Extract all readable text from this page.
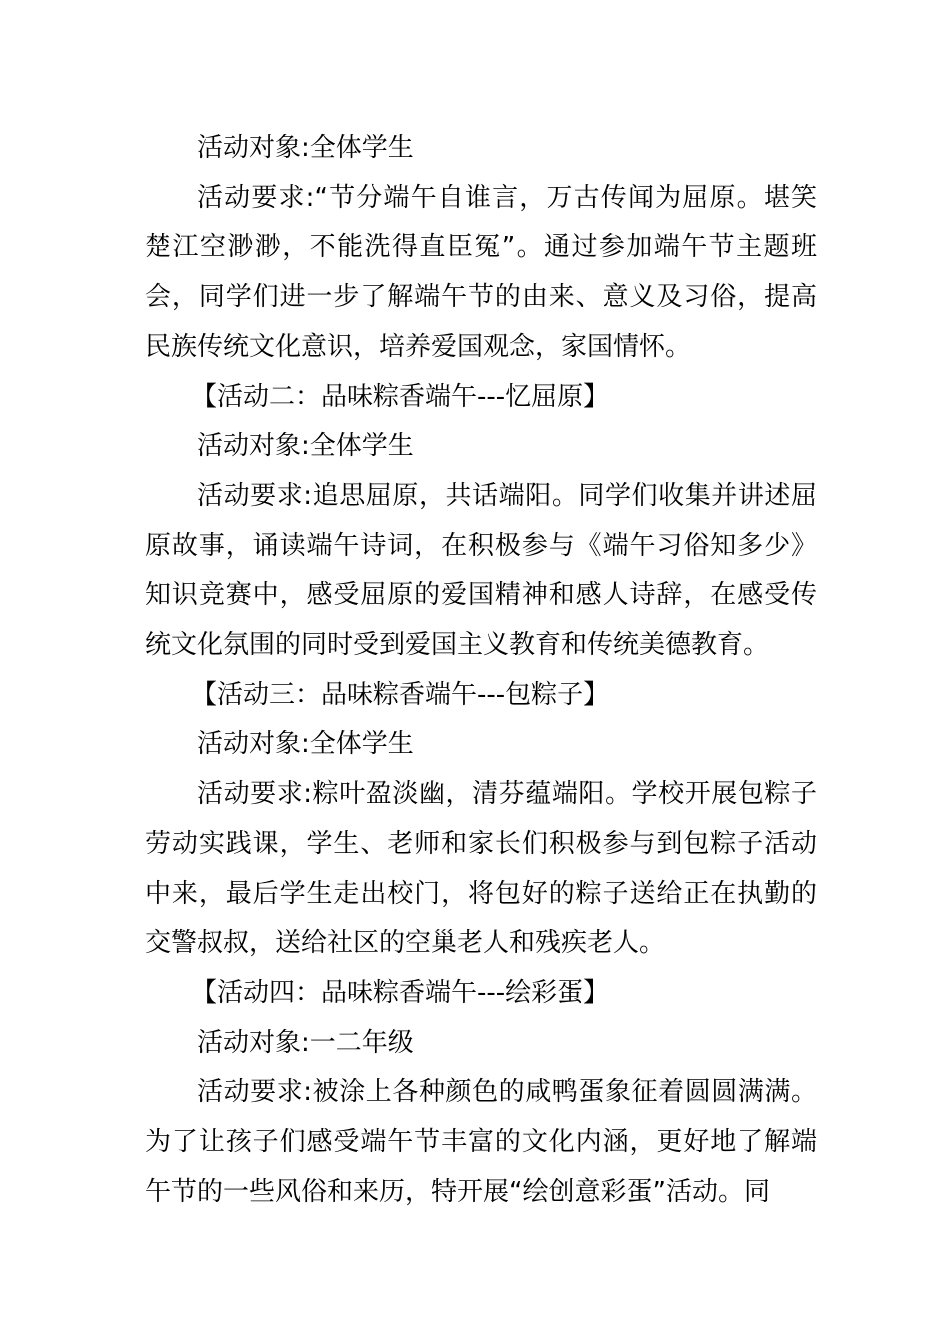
活动对象:全体学生

活动要求:“节分端午自谁言，万古传闻为屈原。堪笑楚江空渺渺，不能洗得直臣冤”。通过参加端午节主题班会，同学们进一步了解端午节的由来、意义及习俗，提高民族传统文化意识，培养爱国观念，家国情怀。

【活动二：品味粽香端午---忆屈原】

活动对象:全体学生

活动要求:追思屈原，共话端阳。同学们收集并讲述屈原故事，诵读端午诗词，在积极参与《端午习俗知多少》知识竞赛中，感受屈原的爱国精神和感人诗辞，在感受传统文化氛围的同时受到爱国主义教育和传统美德教育。

【活动三：品味粽香端午---包粽子】

活动对象:全体学生

活动要求:粽叶盈淡幽，清芬蕴端阳。学校开展包粽子劳动实践课，学生、老师和家长们积极参与到包粽子活动中来，最后学生走出校门，将包好的粽子送给正在执勤的交警叔叔，送给社区的空巢老人和残疾老人。

【活动四：品味粽香端午---绘彩蛋】

活动对象:一二年级

活动要求:被涂上各种颜色的咸鸭蛋象征着圆圆满满。为了让孩子们感受端午节丰富的文化内涵，更好地了解端午节的一些风俗和来历，特开展“绘创意彩蛋”活动。同
